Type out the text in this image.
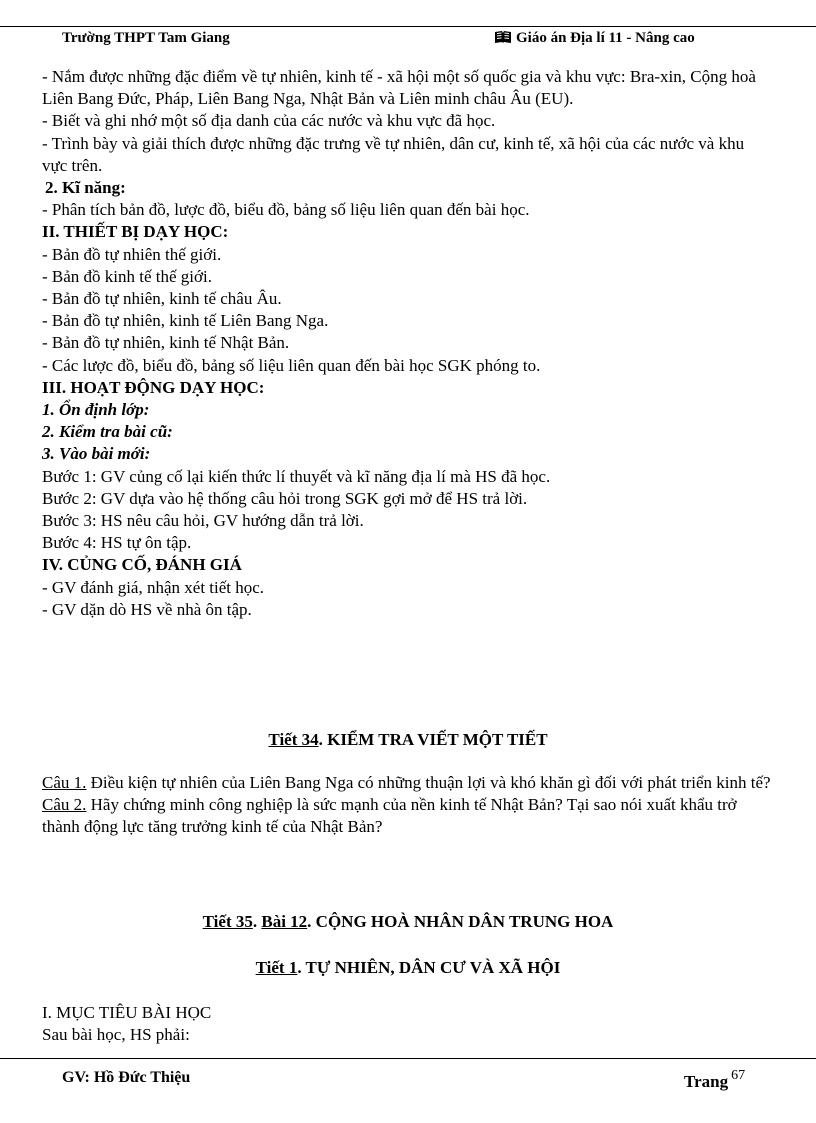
Trường THPT Tam Giang	Giáo án Địa lí 11 - Nâng cao

- Nắm được những đặc điểm về tự nhiên, kinh tế - xã hội một số quốc gia và khu vực: Bra-xin, Cộng hoà Liên Bang Đức, Pháp, Liên Bang Nga, Nhật Bản và Liên minh châu Âu (EU).

- Biết và ghi nhớ một số địa danh của các nước và khu vực đã học.

- Trình bày và giải thích được những đặc trưng về tự nhiên, dân cư, kinh tế, xã hội của các nước và khu vực trên.

2. Kĩ năng:

- Phân tích bản đồ, lược đồ, biểu đồ, bảng số liệu liên quan đến bài học.

II. THIẾT BỊ DẠY HỌC:

- Bản đồ tự nhiên thế giới.

- Bản đồ kinh tế thế giới.

- Bản đồ tự nhiên, kinh tế châu Âu.

- Bản đồ tự nhiên, kinh tế Liên Bang Nga.

- Bản đồ tự nhiên, kinh tế Nhật Bản.

- Các lược đồ, biểu đồ, bảng số liệu liên quan đến bài học SGK phóng to.

III. HOẠT ĐỘNG DẠY HỌC:

1. Ổn định lớp:

2. Kiểm tra bài cũ:

3. Vào bài mới:

Bước 1: GV củng cố lại kiến thức lí thuyết và kĩ năng địa lí mà HS đã học.

Bước 2: GV dựa vào hệ thống câu hỏi trong SGK gợi mở để HS trả lời.

Bước 3: HS nêu câu hỏi, GV hướng dẫn trả lời.

Bước 4: HS tự ôn tập.

IV. CỦNG CỐ, ĐÁNH GIÁ

- GV đánh giá, nhận xét tiết học.

- GV dặn dò HS về nhà ôn tập.

Tiết 34. KIỂM TRA VIẾT MỘT TIẾT

Câu 1. Điều kiện tự nhiên của Liên Bang Nga có những thuận lợi và khó khăn gì đối với phát triển kinh tế?

Câu 2. Hãy chứng minh công nghiệp là sức mạnh của nền kinh tế Nhật Bản? Tại sao nói xuất khẩu trở thành động lực tăng trưởng kinh tế của Nhật Bản?

Tiết 35. Bài 12. CỘNG HOÀ NHÂN DÂN TRUNG HOA
Tiết 1. TỰ NHIÊN, DÂN CƯ VÀ XÃ HỘI

I. MỤC TIÊU BÀI HỌC

Sau bài học, HS phải:

GV: Hồ Đức Thiệu	Trang $^{67}$
